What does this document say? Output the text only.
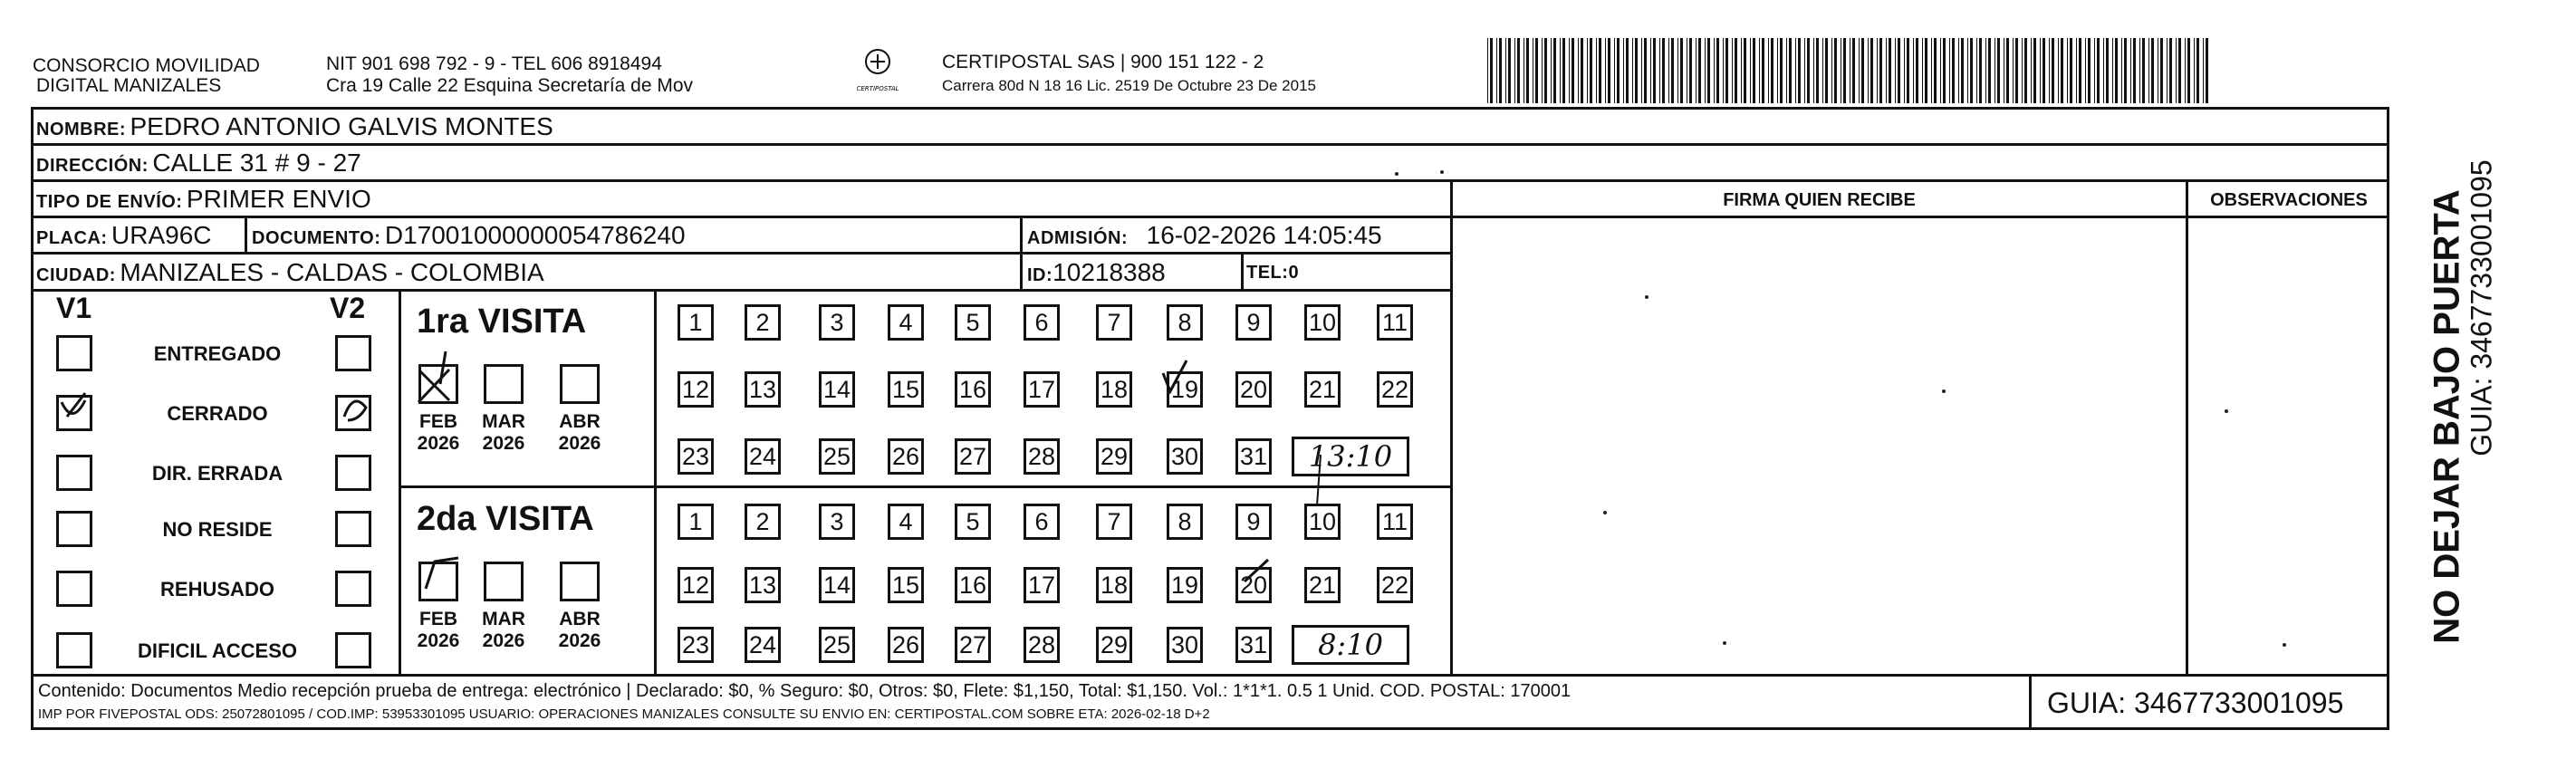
CONSORCIO MOVILIDAD
DIGITAL MANIZALES
NIT 901 698 792 - 9 - TEL 606 8918494
Cra 19 Calle 22 Esquina Secretaría de Mov	CERTIPOSTAL
CERTIPOSTAL SAS | 900 151 122 - 2
Carrera 80d N 18 16 Lic. 2519 De Octubre 23 De 2015
NOMBRE: PEDRO ANTONIO GALVIS MONTES
DIRECCIÓN: CALLE 31 # 9 - 27
TIPO DE ENVÍO: PRIMER ENVIO	FIRMA QUIEN RECIBE	OBSERVACIONES
PLACA: URA96C DOCUMENTO: D17001000000054786240	ADMISIÓN: 16-02-2026 14:05:45
CIUDAD: MANIZALES - CALDAS - COLOMBIA	ID:10218388	TEL:0
V1	V2
ENTREGADO
CERRADO
DIR. ERRADA
NO RESIDE
REHUSADO
DIFICIL ACCESO
1ra VISITA
FEB
2026
MAR
2026
ABR
2026
2da VISITA
FEB
2026
MAR
2026
ABR
2026
1	2	3	4	5	6	7	8	9	10 11
12 13 14 15 16 17 18 19 20 21 22
23 24 25 26 27 28 29 30 31	13:10
1	2	3	4	5	6	7	8	9	10 11
12 13 14 15 16 17 18 19 20 21 22
23 24 25 26 27 28 29 30 31	8:10
Contenido: Documentos Medio recepción prueba de entrega: electrónico | Declarado: $0, % Seguro: $0, Otros: $0, Flete: $1,150, Total: $1,150. Vol.: 1*1*1. 0.5 1 Unid. COD. POSTAL: 170001
IMP POR FIVEPOSTAL ODS: 25072801095 / COD.IMP: 53953301095 USUARIO: OPERACIONES MANIZALES CONSULTE SU ENVIO EN: CERTIPOSTAL.COM SOBRE ETA: 2026-02-18 D+2	GUIA: 3467733001095
NO DEJAR BAJO PUERTA
GUIA: 3467733001095
